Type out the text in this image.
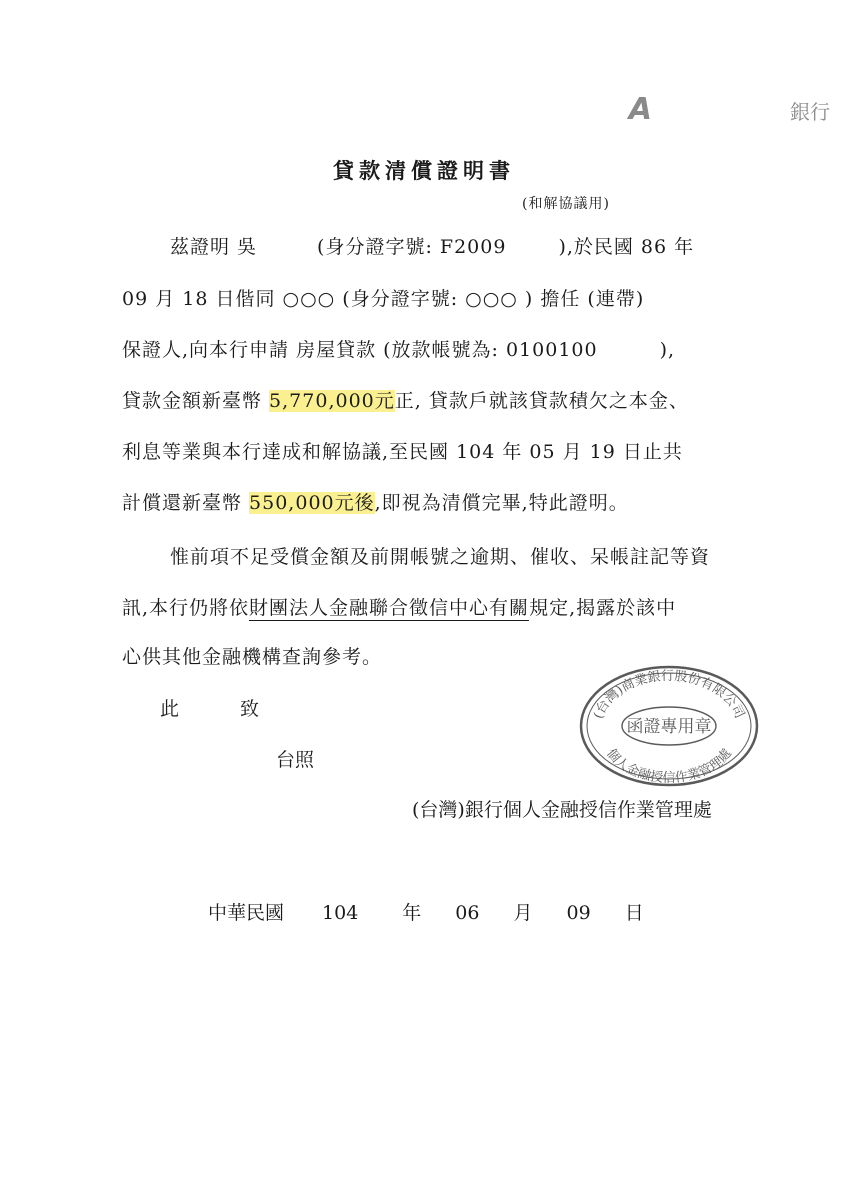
A	銀行
貸款清償證明書
(和解協議用)
茲證明 吳	(身分證字號: F2009	),於民國 86 年
09 月 18 日偕同 ○○○ (身分證字號: ○○○ ) 擔任 (連帶)
保證人,向本行申請 房屋貸款 (放款帳號為: 0100100	),
貸款金額新臺幣 5,770,000元正, 貸款戶就該貸款積欠之本金、
利息等業與本行達成和解協議,至民國 104 年 05 月 19 日止共
計償還新臺幣 550,000元後,即視為清償完畢,特此證明。
惟前項不足受償金額及前開帳號之逾期、催收、呆帳註記等資
訊,本行仍將依財團法人金融聯合徵信中心有關規定,揭露於該中
心供其他金融機構查詢參考。
此	致
台照
(台灣)商業銀行股份有限公司
函證專用章
個人金融授信作業管理處
(台灣)銀行個人金融授信作業管理處
中華民國 104 年 06 月 09 日
